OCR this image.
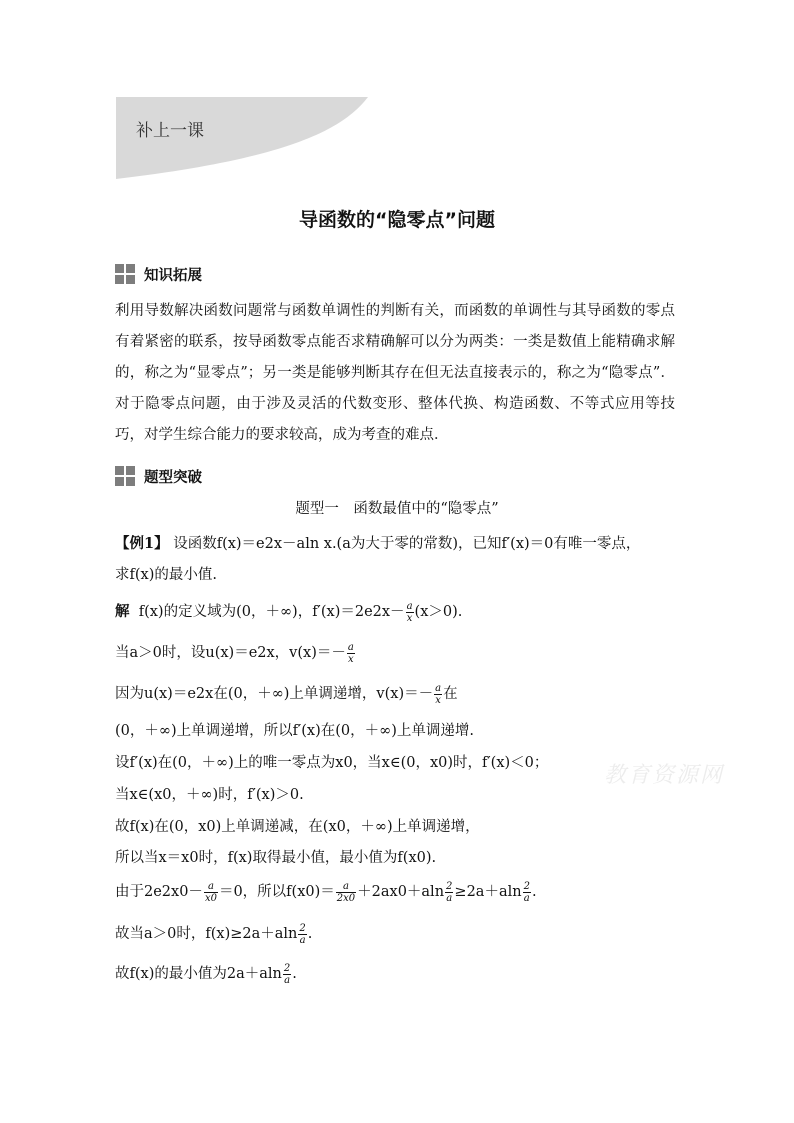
补上一课
导函数的“隐零点”问题
知识拓展
利用导数解决函数问题常与函数单调性的判断有关，而函数的单调性与其导函数的零点有着紧密的联系，按导函数零点能否求精确解可以分为两类：一类是数值上能精确求解的，称之为“显零点”；另一类是能够判断其存在但无法直接表示的，称之为“隐零点”．对于隐零点问题，由于涉及灵活的代数变形、整体代换、构造函数、不等式应用等技巧，对学生综合能力的要求较高，成为考查的难点．
题型突破
题型一　函数最值中的“隐零点”
【例1】 设函数f(x)＝e2x－aln x.(a为大于零的常数)，已知f′(x)＝0有唯一零点，
求f(x)的最小值.
解 f(x)的定义域为(0，＋∞)，$f'(x)=2e2x- \frac{a}{x} (x>0)$.
当a＞0时，设u(x)＝e2x，$v(x)=- \frac{a}{x}$
因为u(x)＝e2x在(0，＋∞)上单调递增，$v(x)=- \frac{a}{x}$ 在
(0，＋∞)上单调递增，所以f′(x)在(0，＋∞)上单调递增.
设f′(x)在(0，＋∞)上的唯一零点为x0，当x∈(0，x0)时，f′(x)＜0；
当x∈(x0，＋∞)时，f′(x)＞0.
故f(x)在(0，x0)上单调递减，在(x0，＋∞)上单调递增，
所以当x＝x0时，f(x)取得最小值，最小值为f(x0).
由于$2e2x0- \frac{a}{x0} =0$，所以$f(x0)= \frac{a}{2x0} +2ax0+aln \frac{2}{a} \ge 2a+aln \frac{2}{a}$ .
故当a＞0时，$f(x)\ge 2a+aln \frac{2}{a}$ .
故f(x)的最小值为$2a+aln \frac{2}{a}$ .
教育资源网
